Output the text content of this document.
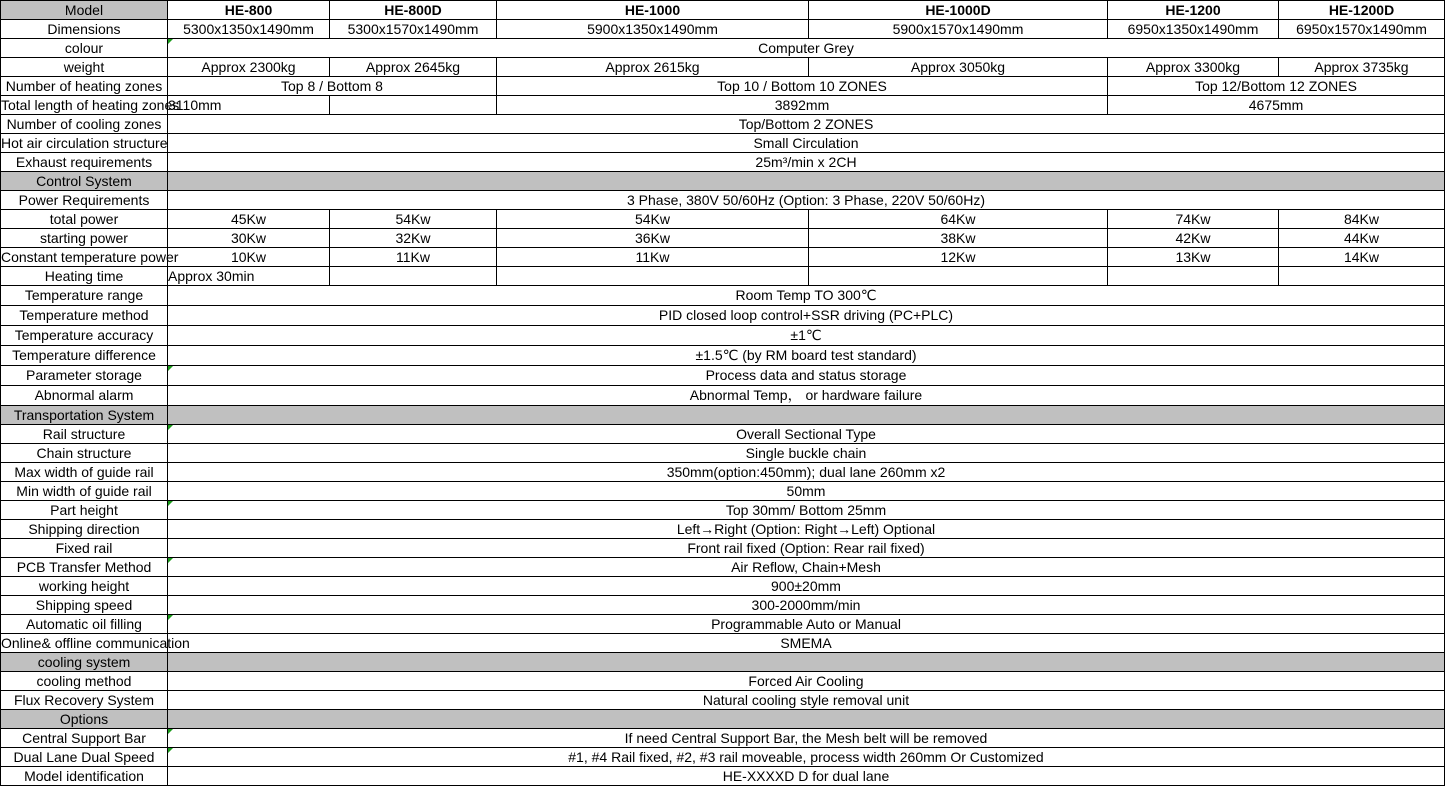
Model	HE-800	HE-800D	HE-1000	HE-1000D	HE-1200	HE-1200D
Dimensions	5300x1350x1490mm	5300x1570x1490mm	5900x1350x1490mm	5900x1570x1490mm	6950x1350x1490mm	6950x1570x1490mm
colour	Computer Grey					
weight	Approx 2300kg	Approx 2645kg	Approx 2615kg	Approx 3050kg	Approx 3300kg	Approx 3735kg
Number of heating zones	Top 8 / Bottom 8		Top 10 / Bottom 10 ZONES		Top 12/Bottom 12 ZONES	
Total length of heating zones	3110mm		3892mm		4675mm	
Number of cooling zones	Top/Bottom 2 ZONES					
Hot air circulation structure	Small Circulation					
Exhaust requirements	25m³/min x 2CH					
Control System						
Power Requirements	3 Phase, 380V 50/60Hz (Option: 3 Phase, 220V 50/60Hz)					
total power	45Kw	54Kw	54Kw	64Kw	74Kw	84Kw
starting power	30Kw	32Kw	36Kw	38Kw	42Kw	44Kw
Constant temperature power	10Kw	11Kw	11Kw	12Kw	13Kw	14Kw
Heating time	Approx 30min					
Temperature range	Room Temp TO 300℃					
Temperature method	PID closed loop control+SSR driving (PC+PLC)					
Temperature accuracy	±1℃					
Temperature difference	±1.5℃ (by RM board test standard)					
Parameter storage	Process data and status storage					
Abnormal alarm	Abnormal Temp， or hardware failure					
Transportation System						
Rail structure	Overall Sectional Type					
Chain structure	Single buckle chain					
Max width of guide rail	350mm(option:450mm); dual lane 260mm x2					
Min width of guide rail	50mm					
Part height	Top 30mm/ Bottom 25mm					
Shipping direction	Left→Right (Option: Right→Left) Optional					
Fixed rail	Front rail fixed (Option: Rear rail fixed)					
PCB Transfer Method	Air Reflow, Chain+Mesh					
working height	900±20mm					
Shipping speed	300-2000mm/min					
Automatic oil filling	Programmable Auto or Manual					
Online& offline communication	SMEMA					
cooling system						
cooling method	Forced Air Cooling					
Flux Recovery System	Natural cooling style removal unit					
Options						
Central Support Bar	If need Central Support Bar, the Mesh belt will be removed					
Dual Lane Dual Speed	#1, #4 Rail fixed, #2, #3 rail moveable, process width 260mm Or Customized					
Model identification	HE-XXXXD D for dual lane					
